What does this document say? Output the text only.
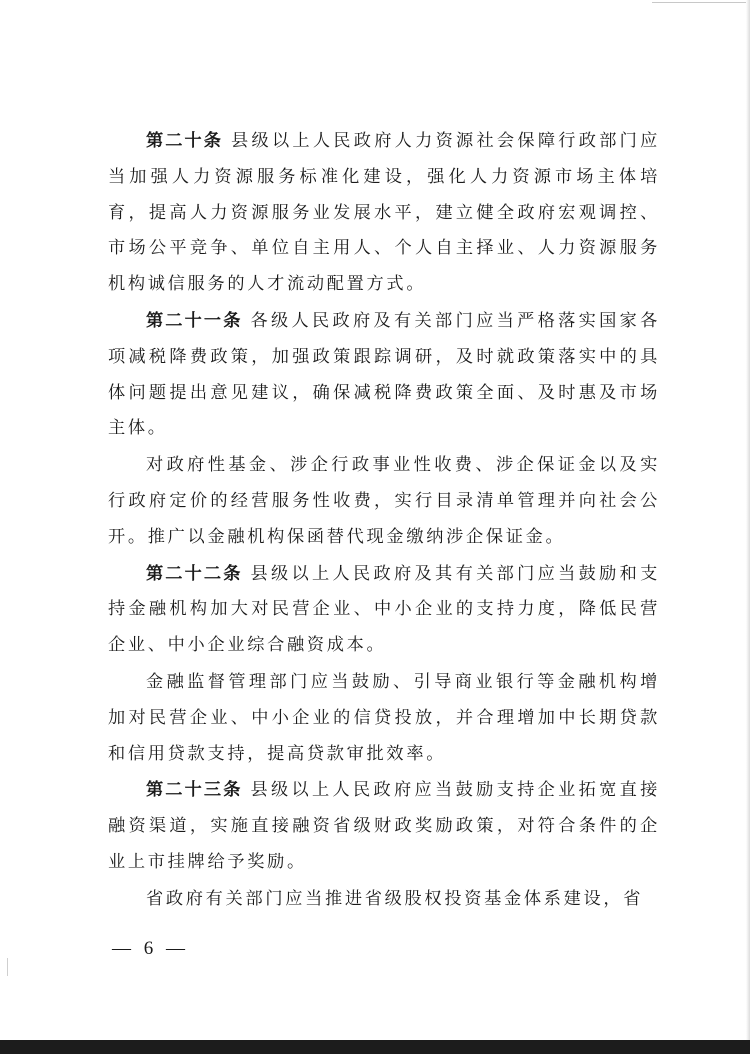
第二十条 县级以上人民政府人力资源社会保障行政部门应当加强人力资源服务标准化建设，强化人力资源市场主体培育，提高人力资源服务业发展水平，建立健全政府宏观调控、市场公平竞争、单位自主用人、个人自主择业、人力资源服务机构诚信服务的人才流动配置方式。

第二十一条 各级人民政府及有关部门应当严格落实国家各项减税降费政策，加强政策跟踪调研，及时就政策落实中的具体问题提出意见建议，确保减税降费政策全面、及时惠及市场主体。

对政府性基金、涉企行政事业性收费、涉企保证金以及实行政府定价的经营服务性收费，实行目录清单管理并向社会公开。推广以金融机构保函替代现金缴纳涉企保证金。

第二十二条 县级以上人民政府及其有关部门应当鼓励和支持金融机构加大对民营企业、中小企业的支持力度，降低民营企业、中小企业综合融资成本。

金融监督管理部门应当鼓励、引导商业银行等金融机构增加对民营企业、中小企业的信贷投放，并合理增加中长期贷款和信用贷款支持，提高贷款审批效率。

第二十三条 县级以上人民政府应当鼓励支持企业拓宽直接融资渠道，实施直接融资省级财政奖励政策，对符合条件的企业上市挂牌给予奖励。

省政府有关部门应当推进省级股权投资基金体系建设，省

— 6 —
